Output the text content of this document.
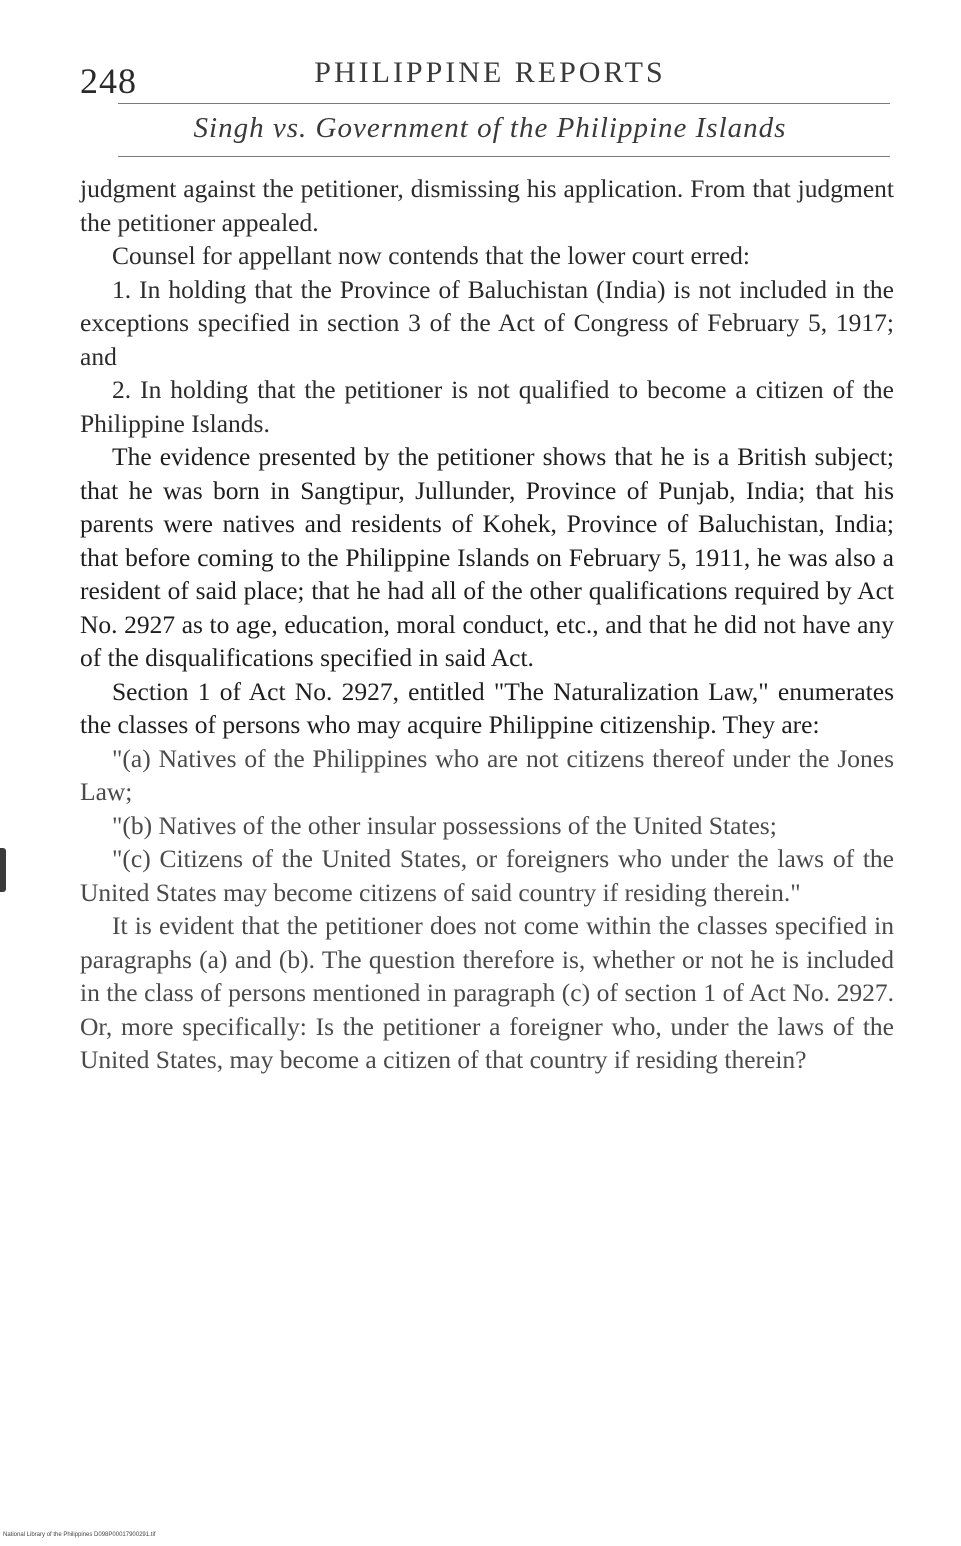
248	PHILIPPINE REPORTS
Singh vs. Government of the Philippine Islands

judgment against the petitioner, dismissing his application. From that judgment the petitioner appealed.

Counsel for appellant now contends that the lower court erred:

1. In holding that the Province of Baluchistan (India) is not included in the exceptions specified in section 3 of the Act of Congress of February 5, 1917; and

2. In holding that the petitioner is not qualified to become a citizen of the Philippine Islands.

The evidence presented by the petitioner shows that he is a British subject; that he was born in Sangtipur, Jullunder, Province of Punjab, India; that his parents were natives and residents of Kohek, Province of Baluchistan, India; that before coming to the Philippine Islands on February 5, 1911, he was also a resident of said place; that he had all of the other qualifications required by Act No. 2927 as to age, education, moral conduct, etc., and that he did not have any of the disqualifications specified in said Act.

Section 1 of Act No. 2927, entitled "The Naturalization Law," enumerates the classes of persons who may acquire Philippine citizenship. They are:

"(a) Natives of the Philippines who are not citizens thereof under the Jones Law;

"(b) Natives of the other insular possessions of the United States;

"(c) Citizens of the United States, or foreigners who under the laws of the United States may become citizens of said country if residing therein."

It is evident that the petitioner does not come within the classes specified in paragraphs (a) and (b). The question therefore is, whether or not he is included in the class of persons mentioned in paragraph (c) of section 1 of Act No. 2927. Or, more specifically: Is the petitioner a foreigner who, under the laws of the United States, may become a citizen of that country if residing therein?

National Library of the Philippines D098P00017900291.tif
